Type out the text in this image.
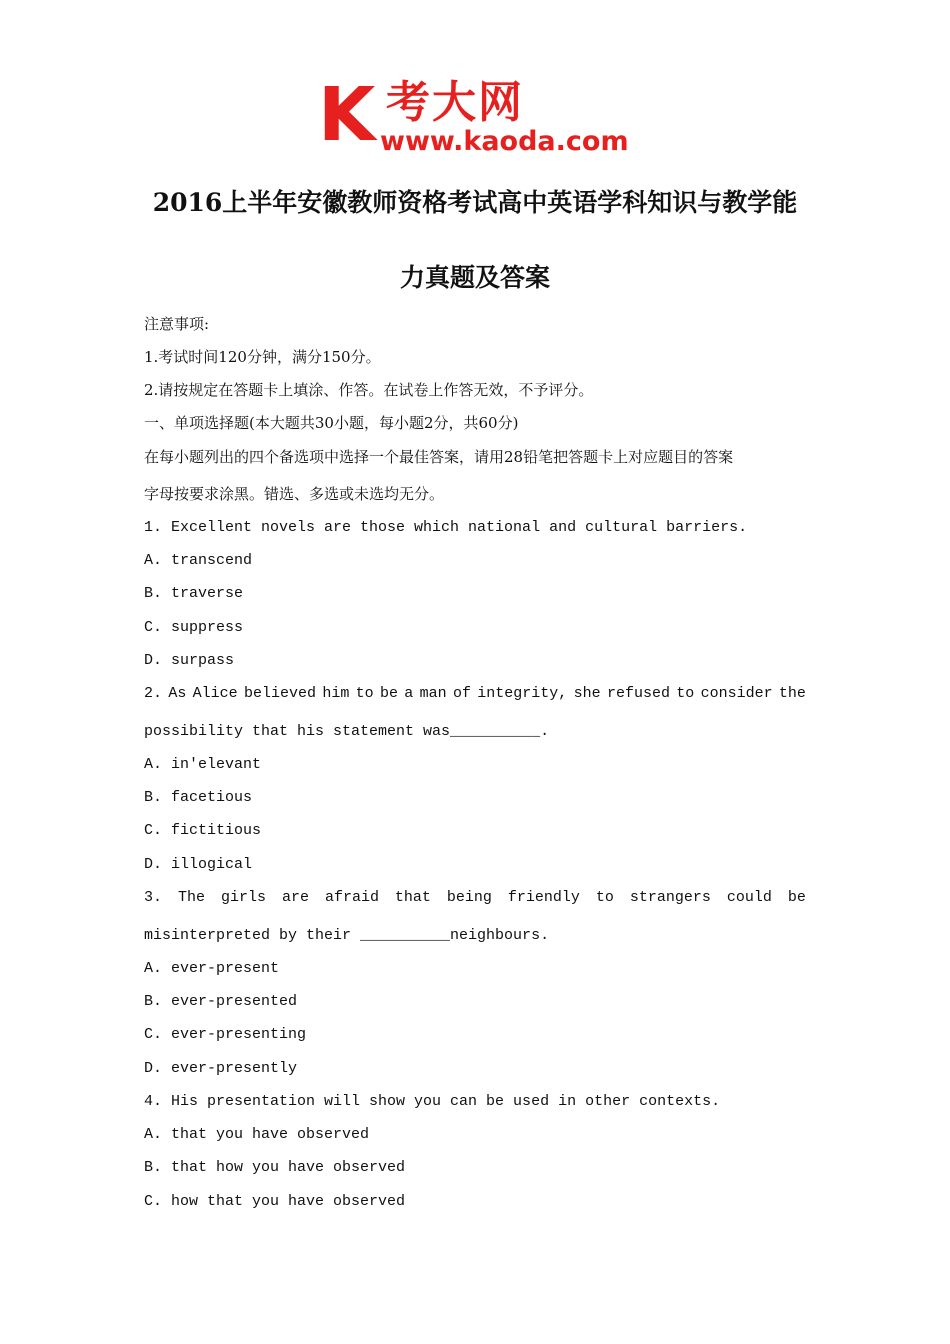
K 考大网
www.kaoda.com
2016上半年安徽教师资格考试高中英语学科知识与教学能
力真题及答案
注意事项:
1.考试时间120分钟，满分150分。
2.请按规定在答题卡上填涂、作答。在试卷上作答无效，不予评分。
一、单项选择题(本大题共30小题，每小题2分，共60分)
在每小题列出的四个备选项中选择一个最佳答案，请用28铅笔把答题卡上对应题目的答案
字母按要求涂黑。错选、多选或未选均无分。
1. Excellent novels are those which national and cultural barriers.
A. transcend
B. traverse
C. suppress
D. surpass
2. As Alice believed him to be a man of integrity, she refused to consider the
possibility that his statement was__________.
A. in'elevant
B. facetious
C. fictitious
D. illogical
3. The girls are afraid that being friendly to strangers could be
misinterpreted by their __________neighbours.
A. ever-present
B. ever-presented
C. ever-presenting
D. ever-presently
4. His presentation will show you can be used in other contexts.
A. that you have observed
B. that how you have observed
C. how that you have observed
